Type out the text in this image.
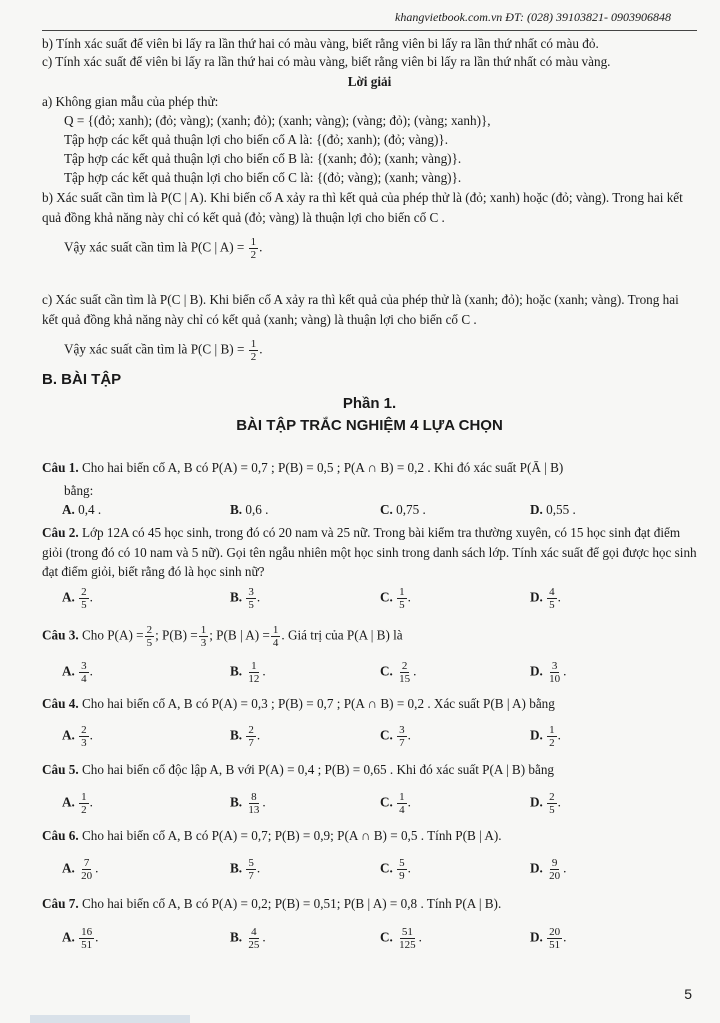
khangvietbook.com.vn ĐT: (028) 39103821- 0903906848
b) Tính xác suất để viên bi lấy ra lần thứ hai có màu vàng, biết rằng viên bi lấy ra lần thứ nhất có màu đỏ.
c) Tính xác suất để viên bi lấy ra lần thứ hai có màu vàng, biết rằng viên bi lấy ra lần thứ nhất có màu vàng.
Lời giải
a) Không gian mẫu của phép thử:
Q = {(đỏ; xanh); (đỏ; vàng); (xanh; đỏ); (xanh; vàng); (vàng; đỏ); (vàng; xanh)},
Tập hợp các kết quả thuận lợi cho biến cố A là: {(đỏ; xanh); (đỏ; vàng)}.
Tập hợp các kết quả thuận lợi cho biến cố B là: {(xanh; đỏ); (xanh; vàng)}.
Tập hợp các kết quả thuận lợi cho biến cố C là: {(đỏ; vàng); (xanh; vàng)}.
b) Xác suất cần tìm là P(C | A). Khi biến cố A xảy ra thì kết quả của phép thử là (đỏ; xanh) hoặc (đỏ; vàng). Trong hai kết quả đồng khả năng này chỉ có kết quả (đỏ; vàng) là thuận lợi cho biến cố C .
Vậy xác suất cần tìm là P(C | $A) = \frac{1}{2}$ .
c) Xác suất cần tìm là P(C | B). Khi biến cố A xảy ra thì kết quả của phép thử là (xanh; đỏ); hoặc (xanh; vàng). Trong hai kết quả đồng khả năng này chỉ có kết quả (xanh; vàng) là thuận lợi cho biến cố C .
Vậy xác suất cần tìm là P(C | $B) = \frac{1}{2}$ .
B. BÀI TẬP
Phần 1.
BÀI TẬP TRẮC NGHIỆM 4 LỰA CHỌN
Câu 1. Cho hai biến cố A, B có P(A) = 0,7 ; P(B) = 0,5 ; P(A ∩ B) = 0,2 . Khi đó xác suất P(Ā | B)
bằng:
A. 0,4 .	B. 0,6 .	C. 0,75 .	D. 0,55 .
Câu 2. Lớp 12A có 45 học sinh, trong đó có 20 nam và 25 nữ. Trong bài kiểm tra thường xuyên, có 15 học sinh đạt điểm giỏi (trong đó có 10 nam và 5 nữ). Gọi tên ngẫu nhiên một học sinh trong danh sách lớp. Tính xác suất để gọi được học sinh đạt điểm giỏi, biết rằng đó là học sinh nữ?
A. $\frac{2}{5}$ .	B. $\frac{3}{5}$ .	C. $\frac{1}{5}$ .	D. $\frac{4}{5}$ .
Câu 3. Cho $P(A) = \frac{2}{5}$ ; $P(B) = \frac{1}{3}$ ; P(B | $A) = \frac{1}{4}$ . Giá trị của P(A | B) là
A. $\frac{3}{4}$ .	B. $\frac{1}{12}$ .	C. $\frac{2}{15}$ .	D. $\frac{3}{10}$ .
Câu 4. Cho hai biến cố A, B có P(A) = 0,3 ; P(B) = 0,7 ; P(A ∩ B) = 0,2 . Xác suất P(B | A) bằng
A. $\frac{2}{3}$ .	B. $\frac{2}{7}$ .	C. $\frac{3}{7}$ .	D. $\frac{1}{2}$ .
Câu 5. Cho hai biến cố độc lập A, B với P(A) = 0,4 ; P(B) = 0,65 . Khi đó xác suất P(A | B) bằng
A. $\frac{1}{2}$ .	B. $\frac{8}{13}$ .	C. $\frac{1}{4}$ .	D. $\frac{2}{5}$ .
Câu 6. Cho hai biến cố A, B có P(A) = 0,7; P(B) = 0,9; P(A ∩ B) = 0,5 . Tính P(B | A).
A. $\frac{7}{20}$ .	B. $\frac{5}{7}$ .	C. $\frac{5}{9}$ .	D. $\frac{9}{20}$ .
Câu 7. Cho hai biến cố A, B có P(A) = 0,2; P(B) = 0,51; P(B | A) = 0,8 . Tính P(A | B).
A. $\frac{16}{51}$ .	B. $\frac{4}{25}$ .	C. $\frac{51}{125}$ .	D. $\frac{20}{51}$ .
5
